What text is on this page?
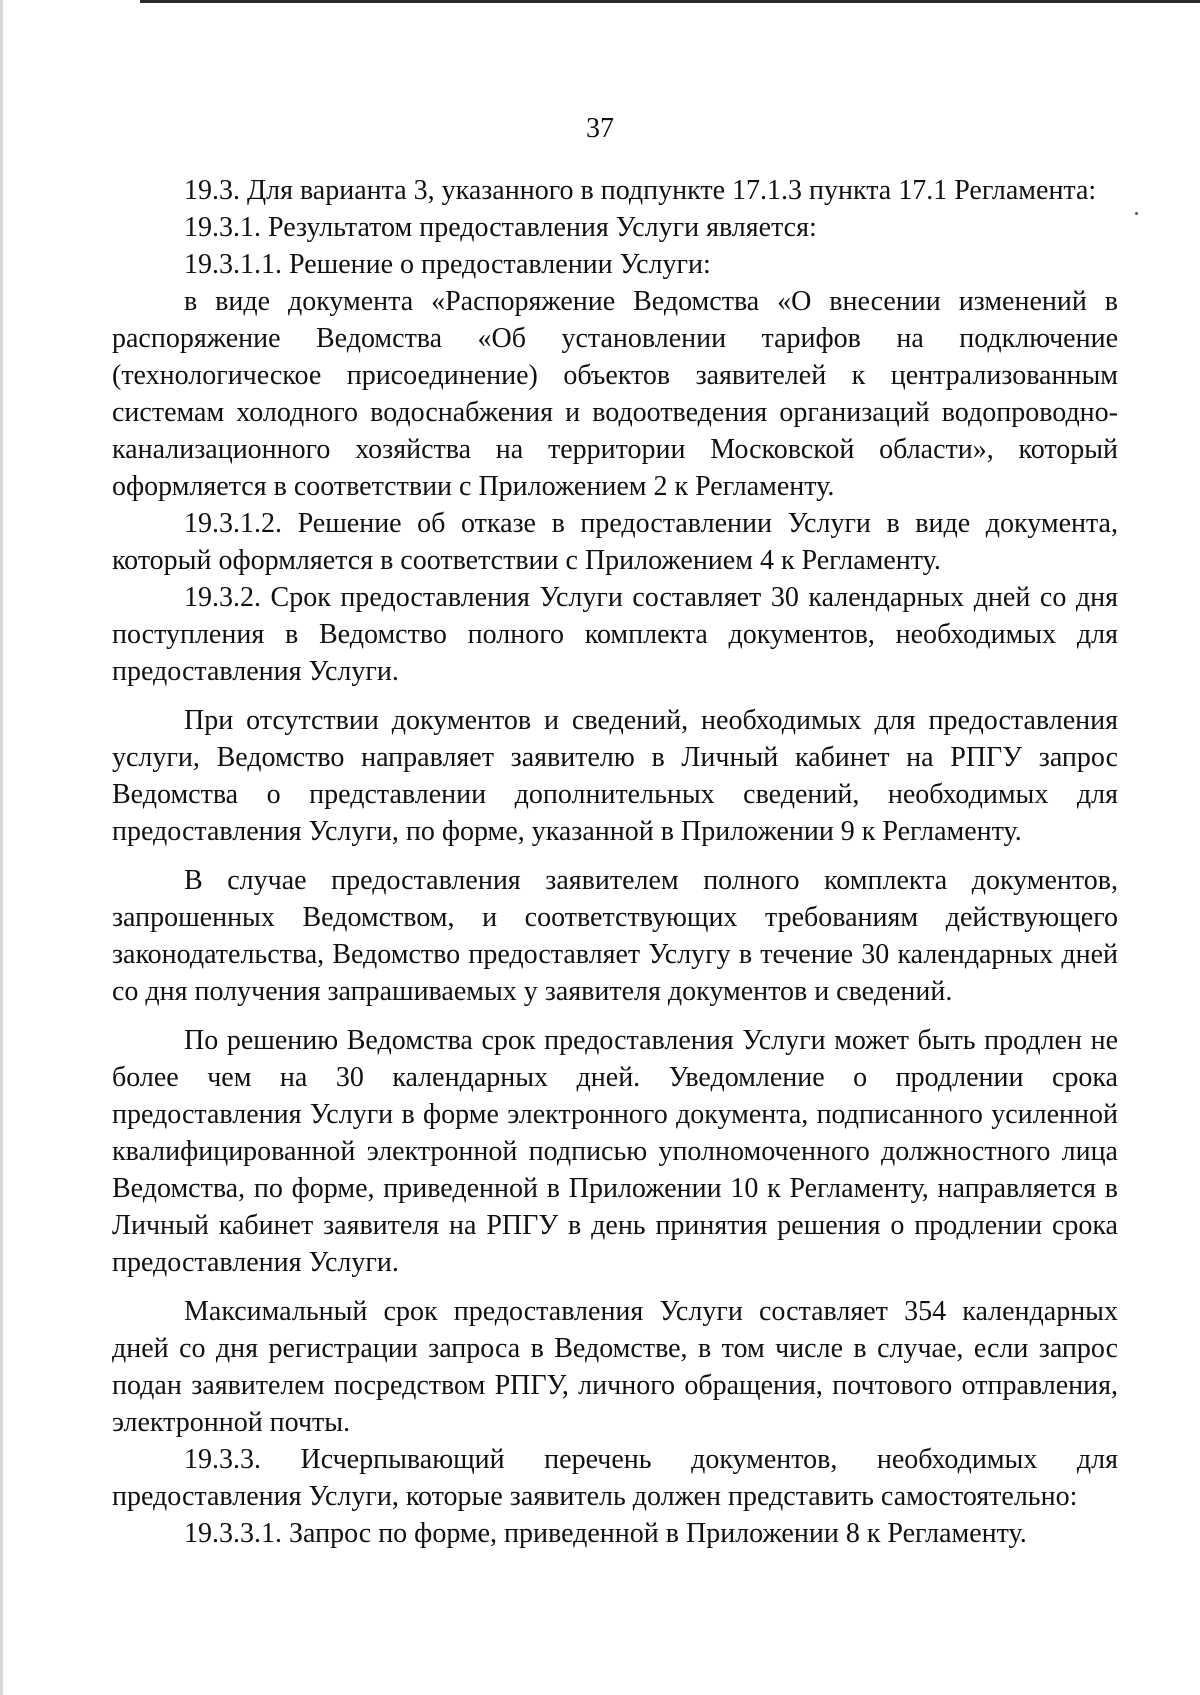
37

19.3. Для варианта 3, указанного в подпункте 17.1.3 пункта 17.1 Регламента:

19.3.1. Результатом предоставления Услуги является:

19.3.1.1. Решение о предоставлении Услуги:

в виде документа «Распоряжение Ведомства «О внесении изменений в распоряжение Ведомства «Об установлении тарифов на подключение (технологическое присоединение) объектов заявителей к централизованным системам холодного водоснабжения и водоотведения организаций водопроводно-канализационного хозяйства на территории Московской области», который оформляется в соответствии с Приложением 2 к Регламенту.

19.3.1.2. Решение об отказе в предоставлении Услуги в виде документа, который оформляется в соответствии с Приложением 4 к Регламенту.

19.3.2. Срок предоставления Услуги составляет 30 календарных дней со дня поступления в Ведомство полного комплекта документов, необходимых для предоставления Услуги.

При отсутствии документов и сведений, необходимых для предоставления услуги, Ведомство направляет заявителю в Личный кабинет на РПГУ запрос Ведомства о представлении дополнительных сведений, необходимых для предоставления Услуги, по форме, указанной в Приложении 9 к Регламенту.

В случае предоставления заявителем полного комплекта документов, запрошенных Ведомством, и соответствующих требованиям действующего законодательства, Ведомство предоставляет Услугу в течение 30 календарных дней со дня получения запрашиваемых у заявителя документов и сведений.

По решению Ведомства срок предоставления Услуги может быть продлен не более чем на 30 календарных дней. Уведомление о продлении срока предоставления Услуги в форме электронного документа, подписанного усиленной квалифицированной электронной подписью уполномоченного должностного лица Ведомства, по форме, приведенной в Приложении 10 к Регламенту, направляется в Личный кабинет заявителя на РПГУ в день принятия решения о продлении срока предоставления Услуги.

Максимальный срок предоставления Услуги составляет 354 календарных дней со дня регистрации запроса в Ведомстве, в том числе в случае, если запрос подан заявителем посредством РПГУ, личного обращения, почтового отправления, электронной почты.

19.3.3. Исчерпывающий перечень документов, необходимых для предоставления Услуги, которые заявитель должен представить самостоятельно:

19.3.3.1. Запрос по форме, приведенной в Приложении 8 к Регламенту.
